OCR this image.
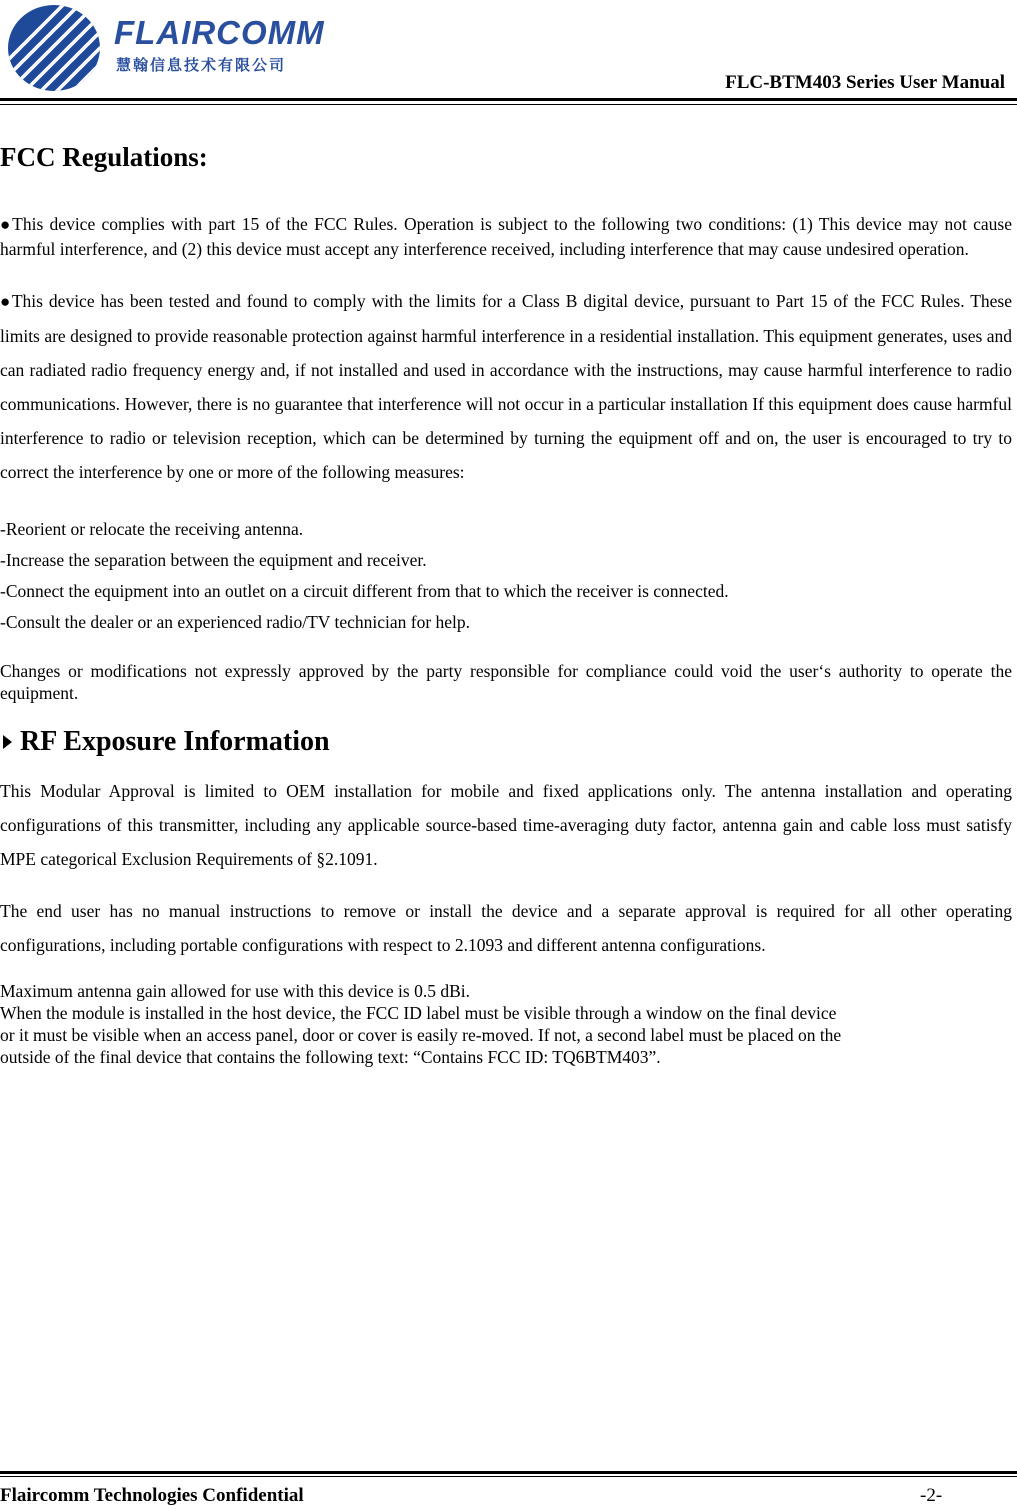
FLAIRCOMM
慧翰信息技术有限公司
FLC-BTM403 Series User Manual
FCC Regulations:

●This device complies with part 15 of the FCC Rules. Operation is subject to the following two conditions: (1) This device may not cause harmful interference, and (2) this device must accept any interference received, including interference that may cause undesired operation.

●This device has been tested and found to comply with the limits for a Class B digital device, pursuant to Part 15 of the FCC Rules. These limits are designed to provide reasonable protection against harmful interference in a residential installation. This equipment generates, uses and can radiated radio frequency energy and, if not installed and used in accordance with the instructions, may cause harmful interference to radio communications. However, there is no guarantee that interference will not occur in a particular installation If this equipment does cause harmful interference to radio or television reception, which can be determined by turning the equipment off and on, the user is encouraged to try to correct the interference by one or more of the following measures:

-Reorient or relocate the receiving antenna.

-Increase the separation between the equipment and receiver.

-Connect the equipment into an outlet on a circuit different from that to which the receiver is connected.

-Consult the dealer or an experienced radio/TV technician for help.

Changes or modifications not expressly approved by the party responsible for compliance could void the user‘s authority to operate the equipment.

RF Exposure Information

This Modular Approval is limited to OEM installation for mobile and fixed applications only. The antenna installation and operating configurations of this transmitter, including any applicable source-based time-averaging duty factor, antenna gain and cable loss must satisfy MPE categorical Exclusion Requirements of §2.1091.

The end user has no manual instructions to remove or install the device and a separate approval is required for all other operating configurations, including portable configurations with respect to 2.1093 and different antenna configurations.

Maximum antenna gain allowed for use with this device is 0.5 dBi.

When the module is installed in the host device, the FCC ID label must be visible through a window on the final device

or it must be visible when an access panel, door or cover is easily re-moved. If not, a second label must be placed on the

outside of the final device that contains the following text: “Contains FCC ID: TQ6BTM403”.

Flaircomm Technologies Confidential	-2-
